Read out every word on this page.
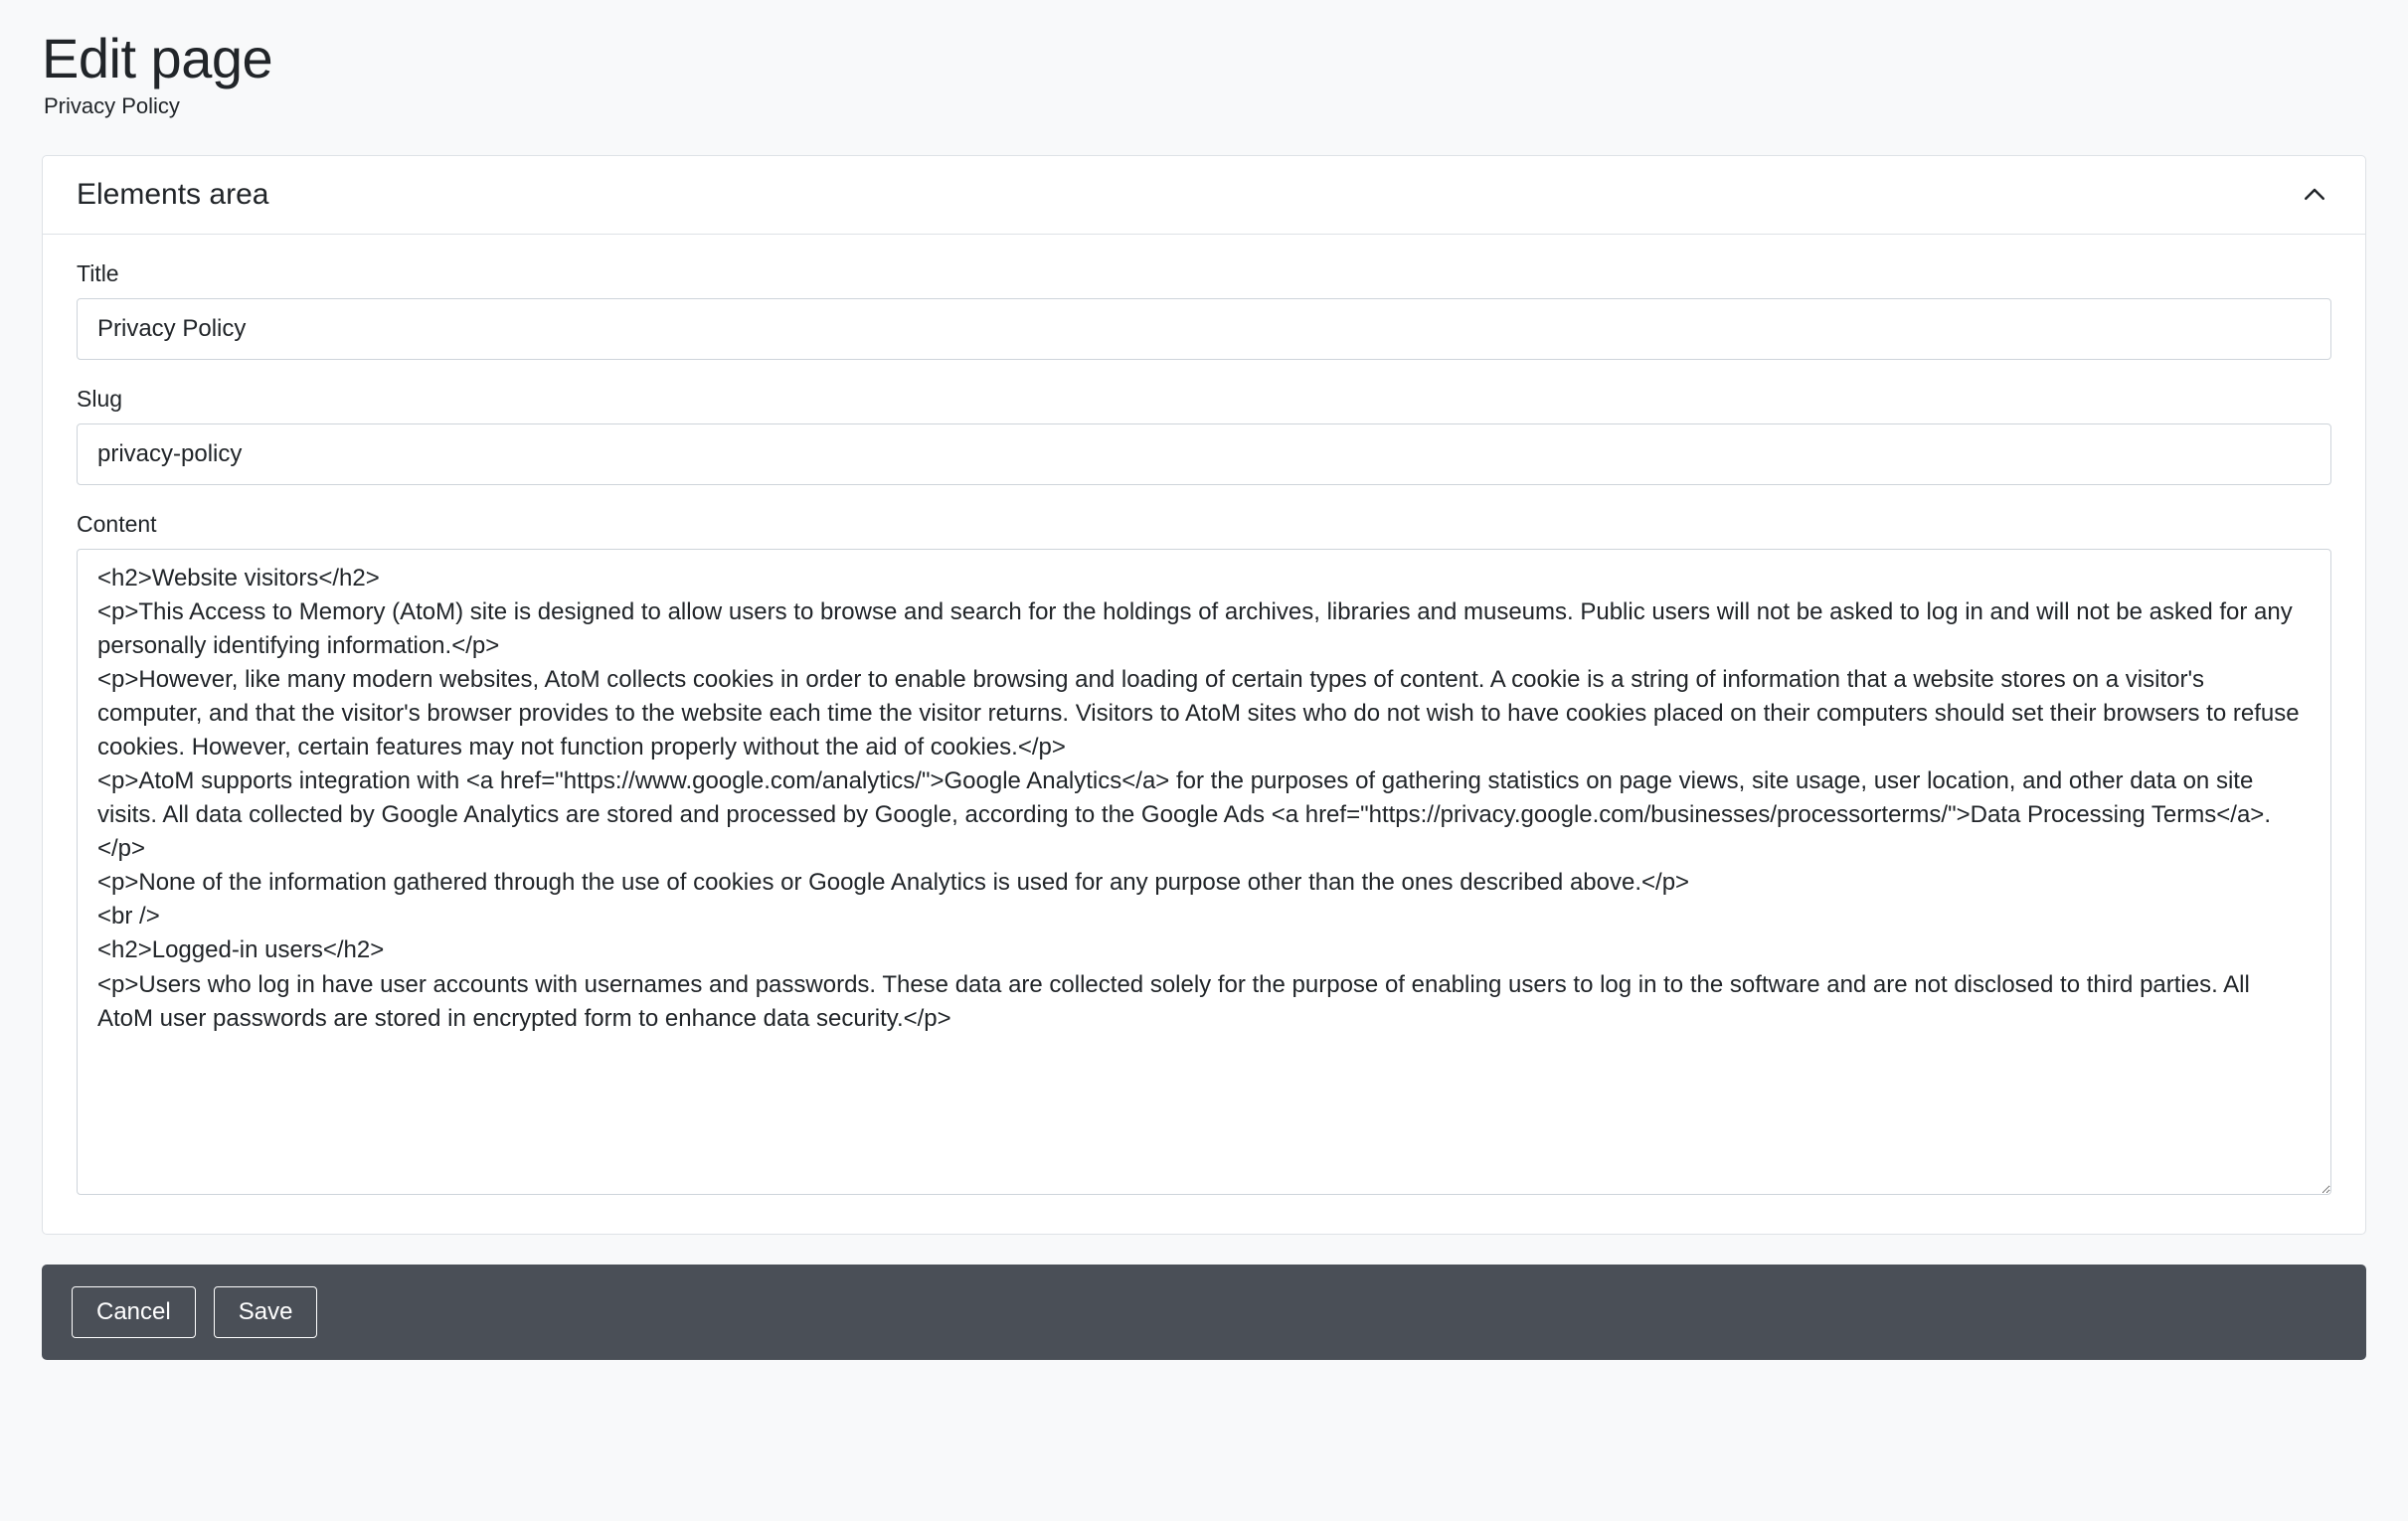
Edit page
Privacy Policy
Elements area
Title
Privacy Policy
Slug
privacy-policy
Content
<h2>Website visitors</h2> <p>This Access to Memory (AtoM) site is designed to allow users to browse and search for the holdings of archives, libraries and museums. Public users will not be asked to log in and will not be asked for any personally identifying information.</p> <p>However, like many modern websites, AtoM collects cookies in order to enable browsing and loading of certain types of content. A cookie is a string of information that a website stores on a visitor's computer, and that the visitor's browser provides to the website each time the visitor returns. Visitors to AtoM sites who do not wish to have cookies placed on their computers should set their browsers to refuse cookies. However, certain features may not function properly without the aid of cookies.</p> <p>AtoM supports integration with <a href="https://www.google.com/analytics/">Google Analytics</a> for the purposes of gathering statistics on page views, site usage, user location, and other data on site visits. All data collected by Google Analytics are stored and processed by Google, according to the Google Ads <a href="https://privacy.google.com/businesses/processorterms/">Data Processing Terms</a>.</p> <p>None of the information gathered through the use of cookies or Google Analytics is used for any purpose other than the ones described above.</p> <br /> <h2>Logged-in users</h2> <p>Users who log in have user accounts with usernames and passwords. These data are collected solely for the purpose of enabling users to log in to the software and are not disclosed to third parties. All AtoM user passwords are stored in encrypted form to enhance data security.</p>
Cancel	Save
